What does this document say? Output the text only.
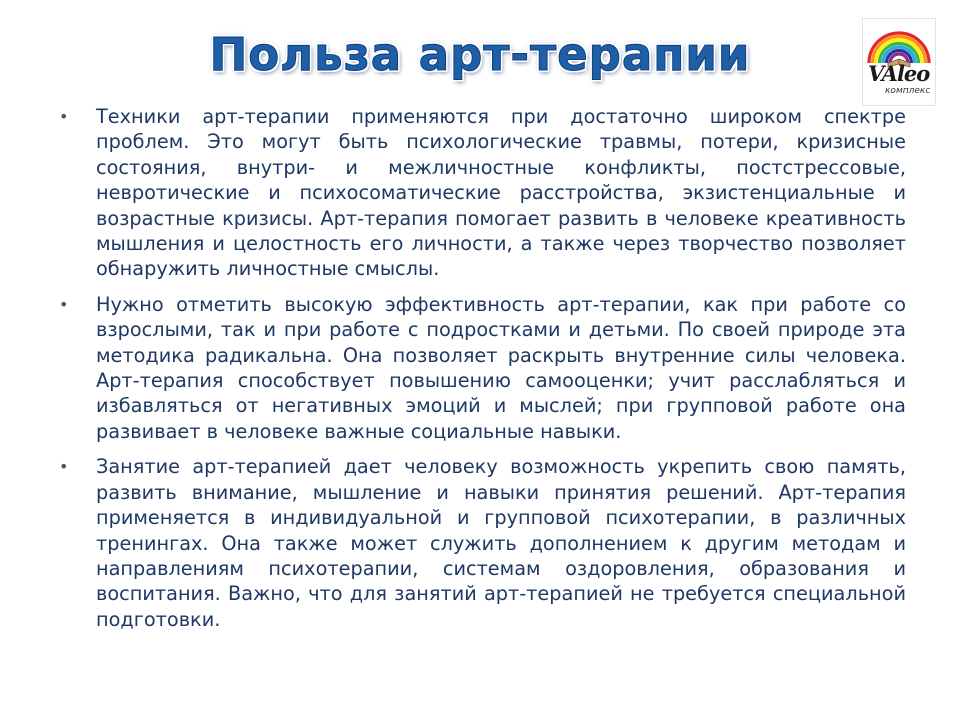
Польза арт-терапии	VAleo
комплекс
•	Техники арт-терапии применяются при достаточно широком спектре проблем. Это могут быть психологические травмы, потери, кризисные состояния, внутри- и межличностные конфликты, постстрессовые, невротические и психосоматические расстройства, экзистенциальные и возрастные кризисы. Арт-терапия помогает развить в человеке креативность мышления и целостность его личности, а также через творчество позволяет обнаружить личностные смыслы.
•	Нужно отметить высокую эффективность арт-терапии, как при работе со взрослыми, так и при работе с подростками и детьми. По своей природе эта методика радикальна. Она позволяет раскрыть внутренние силы человека. Арт-терапия способствует повышению самооценки; учит расслабляться и избавляться от негативных эмоций и мыслей; при групповой работе она развивает в человеке важные социальные навыки.
•	Занятие арт-терапией дает человеку возможность укрепить свою память, развить внимание, мышление и навыки принятия решений. Арт-терапия применяется в индивидуальной и групповой психотерапии, в различных тренингах. Она также может служить дополнением к другим методам и направлениям психотерапии, системам оздоровления, образования и воспитания. Важно, что для занятий арт-терапией не требуется специальной подготовки.
